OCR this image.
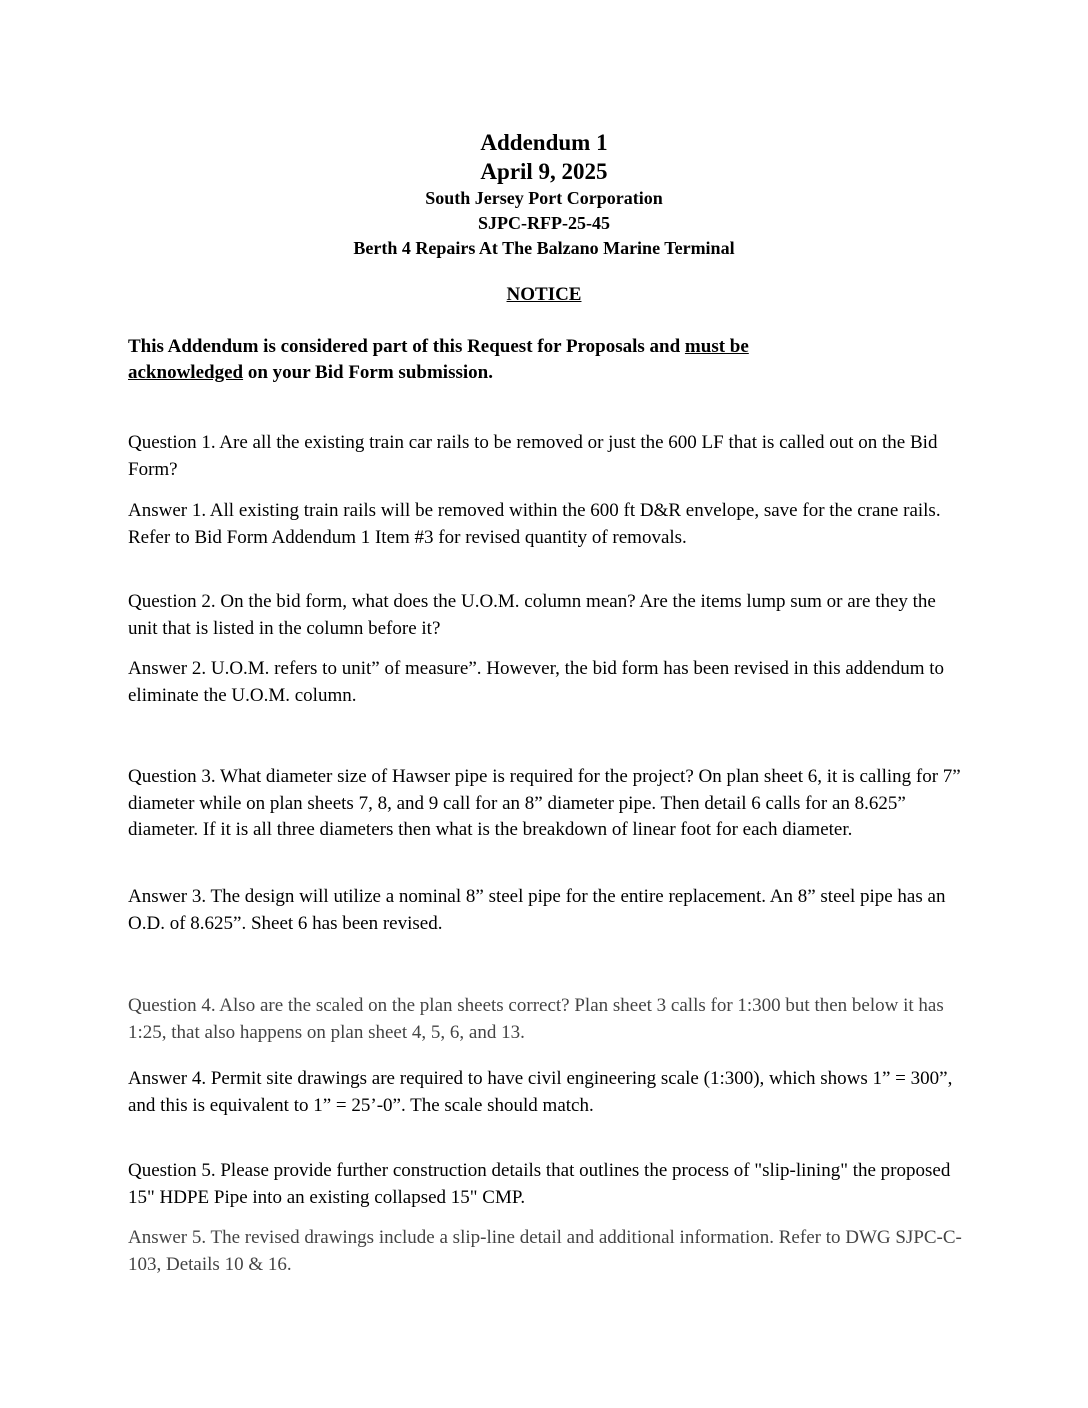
Addendum 1
April 9, 2025
South Jersey Port Corporation
SJPC-RFP-25-45
Berth 4 Repairs At The Balzano Marine Terminal
NOTICE
This Addendum is considered part of this Request for Proposals and must be
acknowledged on your Bid Form submission.

Question 1. Are all the existing train car rails to be removed or just the 600 LF that is called out on the Bid Form?

Answer 1. All existing train rails will be removed within the 600 ft D&R envelope, save for the crane rails. Refer to Bid Form Addendum 1 Item #3 for revised quantity of removals.

Question 2. On the bid form, what does the U.O.M. column mean? Are the items lump sum or are they the unit that is listed in the column before it?

Answer 2. U.O.M. refers to unit” of measure”. However, the bid form has been revised in this addendum to eliminate the U.O.M. column.

Question 3. What diameter size of Hawser pipe is required for the project? On plan sheet 6, it is calling for 7” diameter while on plan sheets 7, 8, and 9 call for an 8” diameter pipe. Then detail 6 calls for an 8.625” diameter. If it is all three diameters then what is the breakdown of linear foot for each diameter.

Answer 3. The design will utilize a nominal 8” steel pipe for the entire replacement. An 8” steel pipe has an O.D. of 8.625”. Sheet 6 has been revised.

Question 4. Also are the scaled on the plan sheets correct? Plan sheet 3 calls for 1:300 but then below it has 1:25, that also happens on plan sheet 4, 5, 6, and 13.

Answer 4. Permit site drawings are required to have civil engineering scale (1:300), which shows 1” = 300”, and this is equivalent to 1” = 25’-0”. The scale should match.

Question 5. Please provide further construction details that outlines the process of "slip-lining" the proposed 15" HDPE Pipe into an existing collapsed 15" CMP.

Answer 5. The revised drawings include a slip-line detail and additional information. Refer to DWG SJPC-C-103, Details 10 & 16.
